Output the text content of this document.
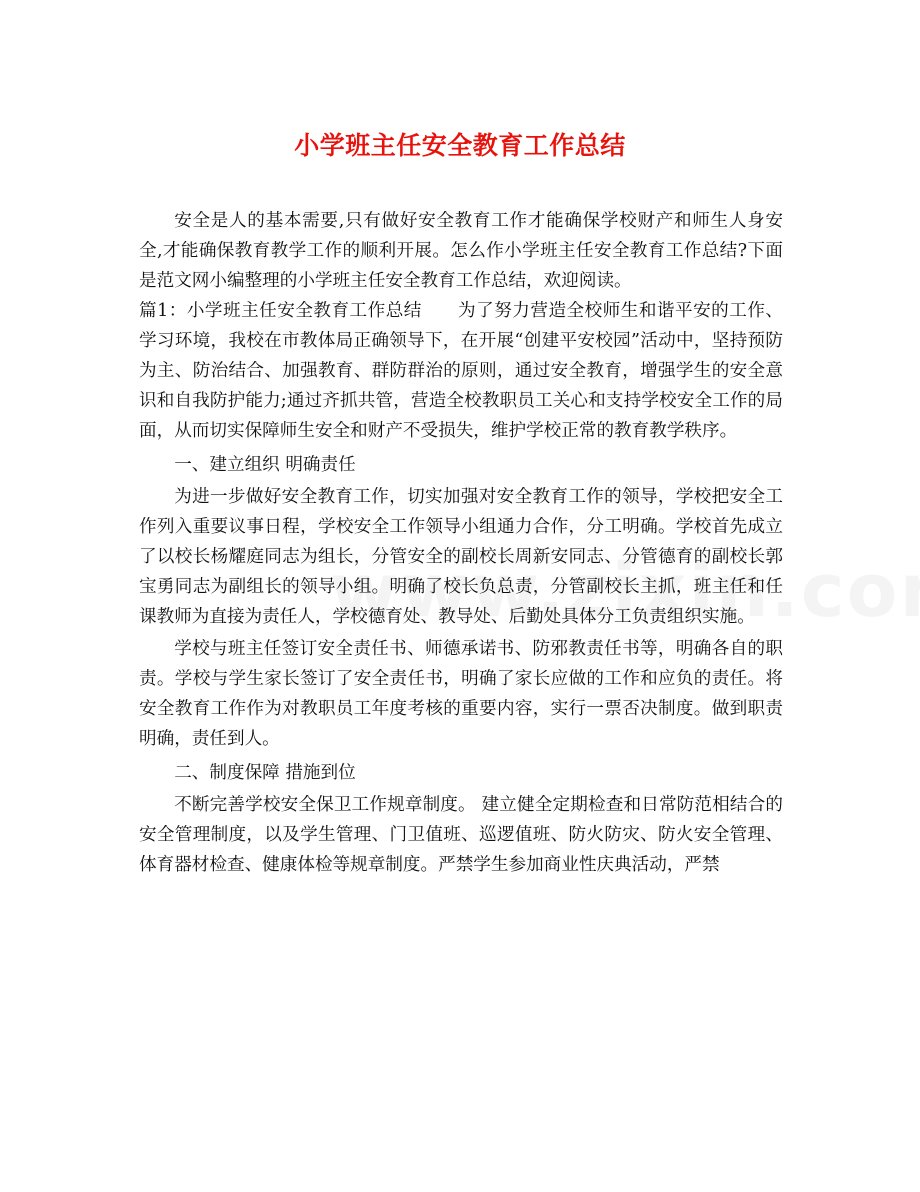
小学班主任安全教育工作总结

安全是人的基本需要,只有做好安全教育工作才能确保学校财产和师生人身安全,才能确保教育教学工作的顺利开展。怎么作小学班主任安全教育工作总结?下面是范文网小编整理的小学班主任安全教育工作总结，欢迎阅读。

篇1：小学班主任安全教育工作总结　　为了努力营造全校师生和谐平安的工作、学习环境，我校在市教体局正确领导下，在开展“创建平安校园”活动中，坚持预防为主、防治结合、加强教育、群防群治的原则，通过安全教育，增强学生的安全意识和自我防护能力;通过齐抓共管，营造全校教职员工关心和支持学校安全工作的局面，从而切实保障师生安全和财产不受损失，维护学校正常的教育教学秩序。

一、建立组织 明确责任

为进一步做好安全教育工作，切实加强对安全教育工作的领导，学校把安全工作列入重要议事日程，学校安全工作领导小组通力合作，分工明确。学校首先成立了以校长杨耀庭同志为组长，分管安全的副校长周新安同志、分管德育的副校长郭宝勇同志为副组长的领导小组。明确了校长负总责，分管副校长主抓，班主任和任课教师为直接为责任人，学校德育处、教导处、后勤处具体分工负责组织实施。

学校与班主任签订安全责任书、师德承诺书、防邪教责任书等，明确各自的职责。学校与学生家长签订了安全责任书，明确了家长应做的工作和应负的责任。将安全教育工作作为对教职员工年度考核的重要内容，实行一票否决制度。做到职责明确，责任到人。

二、制度保障 措施到位

不断完善学校安全保卫工作规章制度。 建立健全定期检查和日常防范相结合的安全管理制度，以及学生管理、门卫值班、巡逻值班、防火防灾、防火安全管理、体育器材检查、健康体检等规章制度。严禁学生参加商业性庆典活动，严禁
